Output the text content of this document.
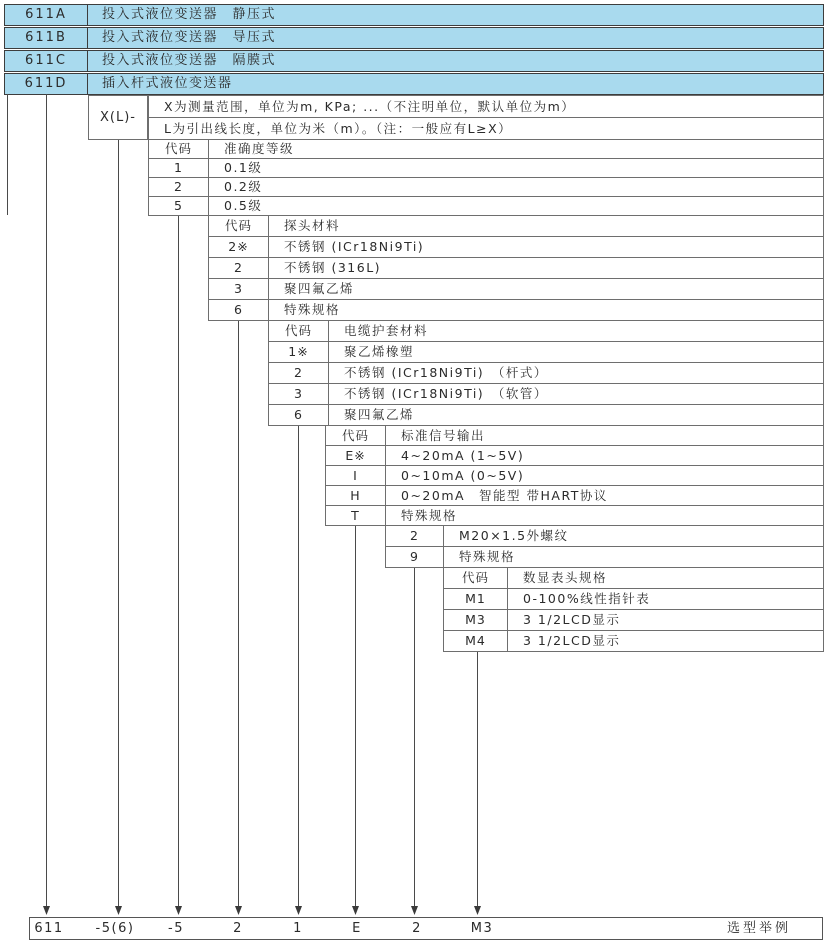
611A	投入式液位变送器　静压式
611B	投入式液位变送器　导压式
611C	投入式液位变送器　隔膜式
611D	插入杆式液位变送器
X(L)-
X为测量范围，单位为m, KPa; ...（不注明单位，默认单位为m）
L为引出线长度，单位为米（m）。（注：一般应有L≥X）
代码	准确度等级
1	0.1级
2	0.2级
5	0.5级
代码	探头材料
2※	不锈钢 (ICr18Ni9Ti)
2	不锈钢 (316L)
3	聚四氟乙烯
6	特殊规格
代码	电缆护套材料
1※	聚乙烯橡塑
2	不锈钢 (ICr18Ni9Ti)　（杆式）
3	不锈钢 (ICr18Ni9Ti)　（软管）
6	聚四氟乙烯
代码	标准信号输出
E※	4~20mA (1~5V)
I	0~10mA (0~5V)
H	0~20mA　智能型 带HART协议
T	特殊规格
2	M20×1.5外螺纹
9	特殊规格
代码	数显表头规格
M1	0-100%线性指针表
M3	3 1/2LCD显示
M4	3 1/2LCD显示
611 -5(6)	-5	2	1	E	2	M3	选型举例
